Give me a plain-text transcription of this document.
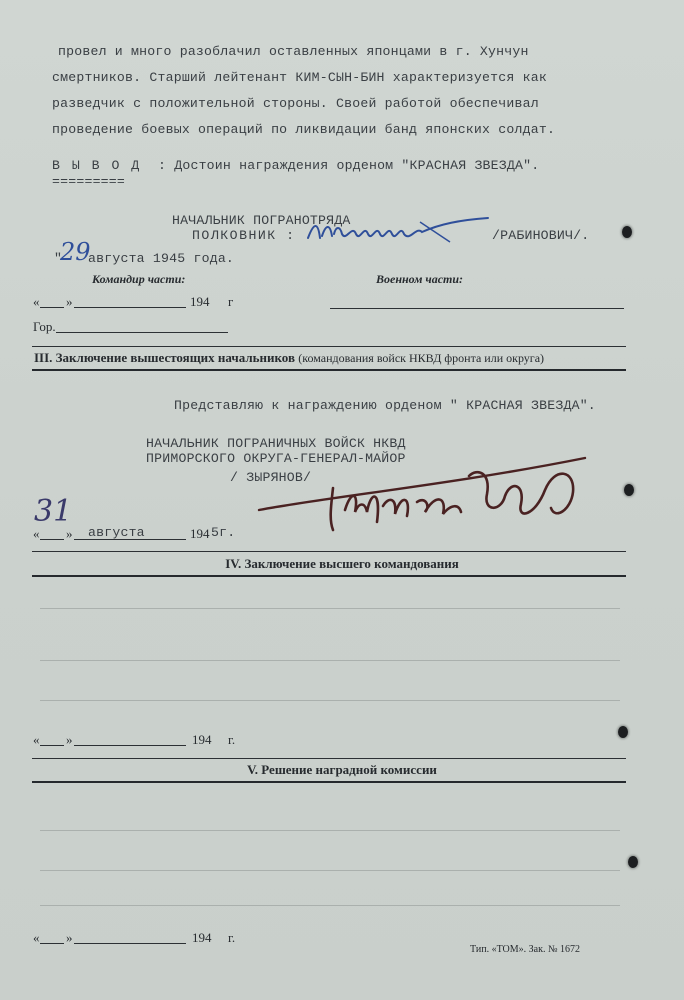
провел и много разоблачил оставленных японцами в г. Хунчун
смертников. Старший лейтенант КИМ-СЫН-БИН характеризуется как
разведчик с положительной стороны. Своей работой обеспечивал
проведение боевых операций по ликвидации банд японских солдат.
В Ы В О Д : Достоин награждения орденом "КРАСНАЯ ЗВЕЗДА".
=========
НАЧАЛЬНИК ПОГРАНОТРЯДА
ПОЛКОВНИК :	/РАБИНОВИЧ/.
"
29
августа 1945 года.
Командир части:	Военном части:
« »	194 г
Гор.
III. Заключение вышестоящих начальников (командования войск НКВД фронта или округа)
Представляю к награждению орденом " КРАСНАЯ ЗВЕЗДА".
НАЧАЛЬНИК ПОГРАНИЧНЫХ ВОЙСК НКВД
ПРИМОРСКОГО ОКРУГА-ГЕНЕРАЛ-МАЙОР
/ ЗЫРЯНОВ/
«
31
» августа	194 5г.
IV. Заключение высшего командования
« »	194 г.
V. Решение наградной комиссии
« »	194 г.
Тип. «ТОМ». Зак. № 1672
